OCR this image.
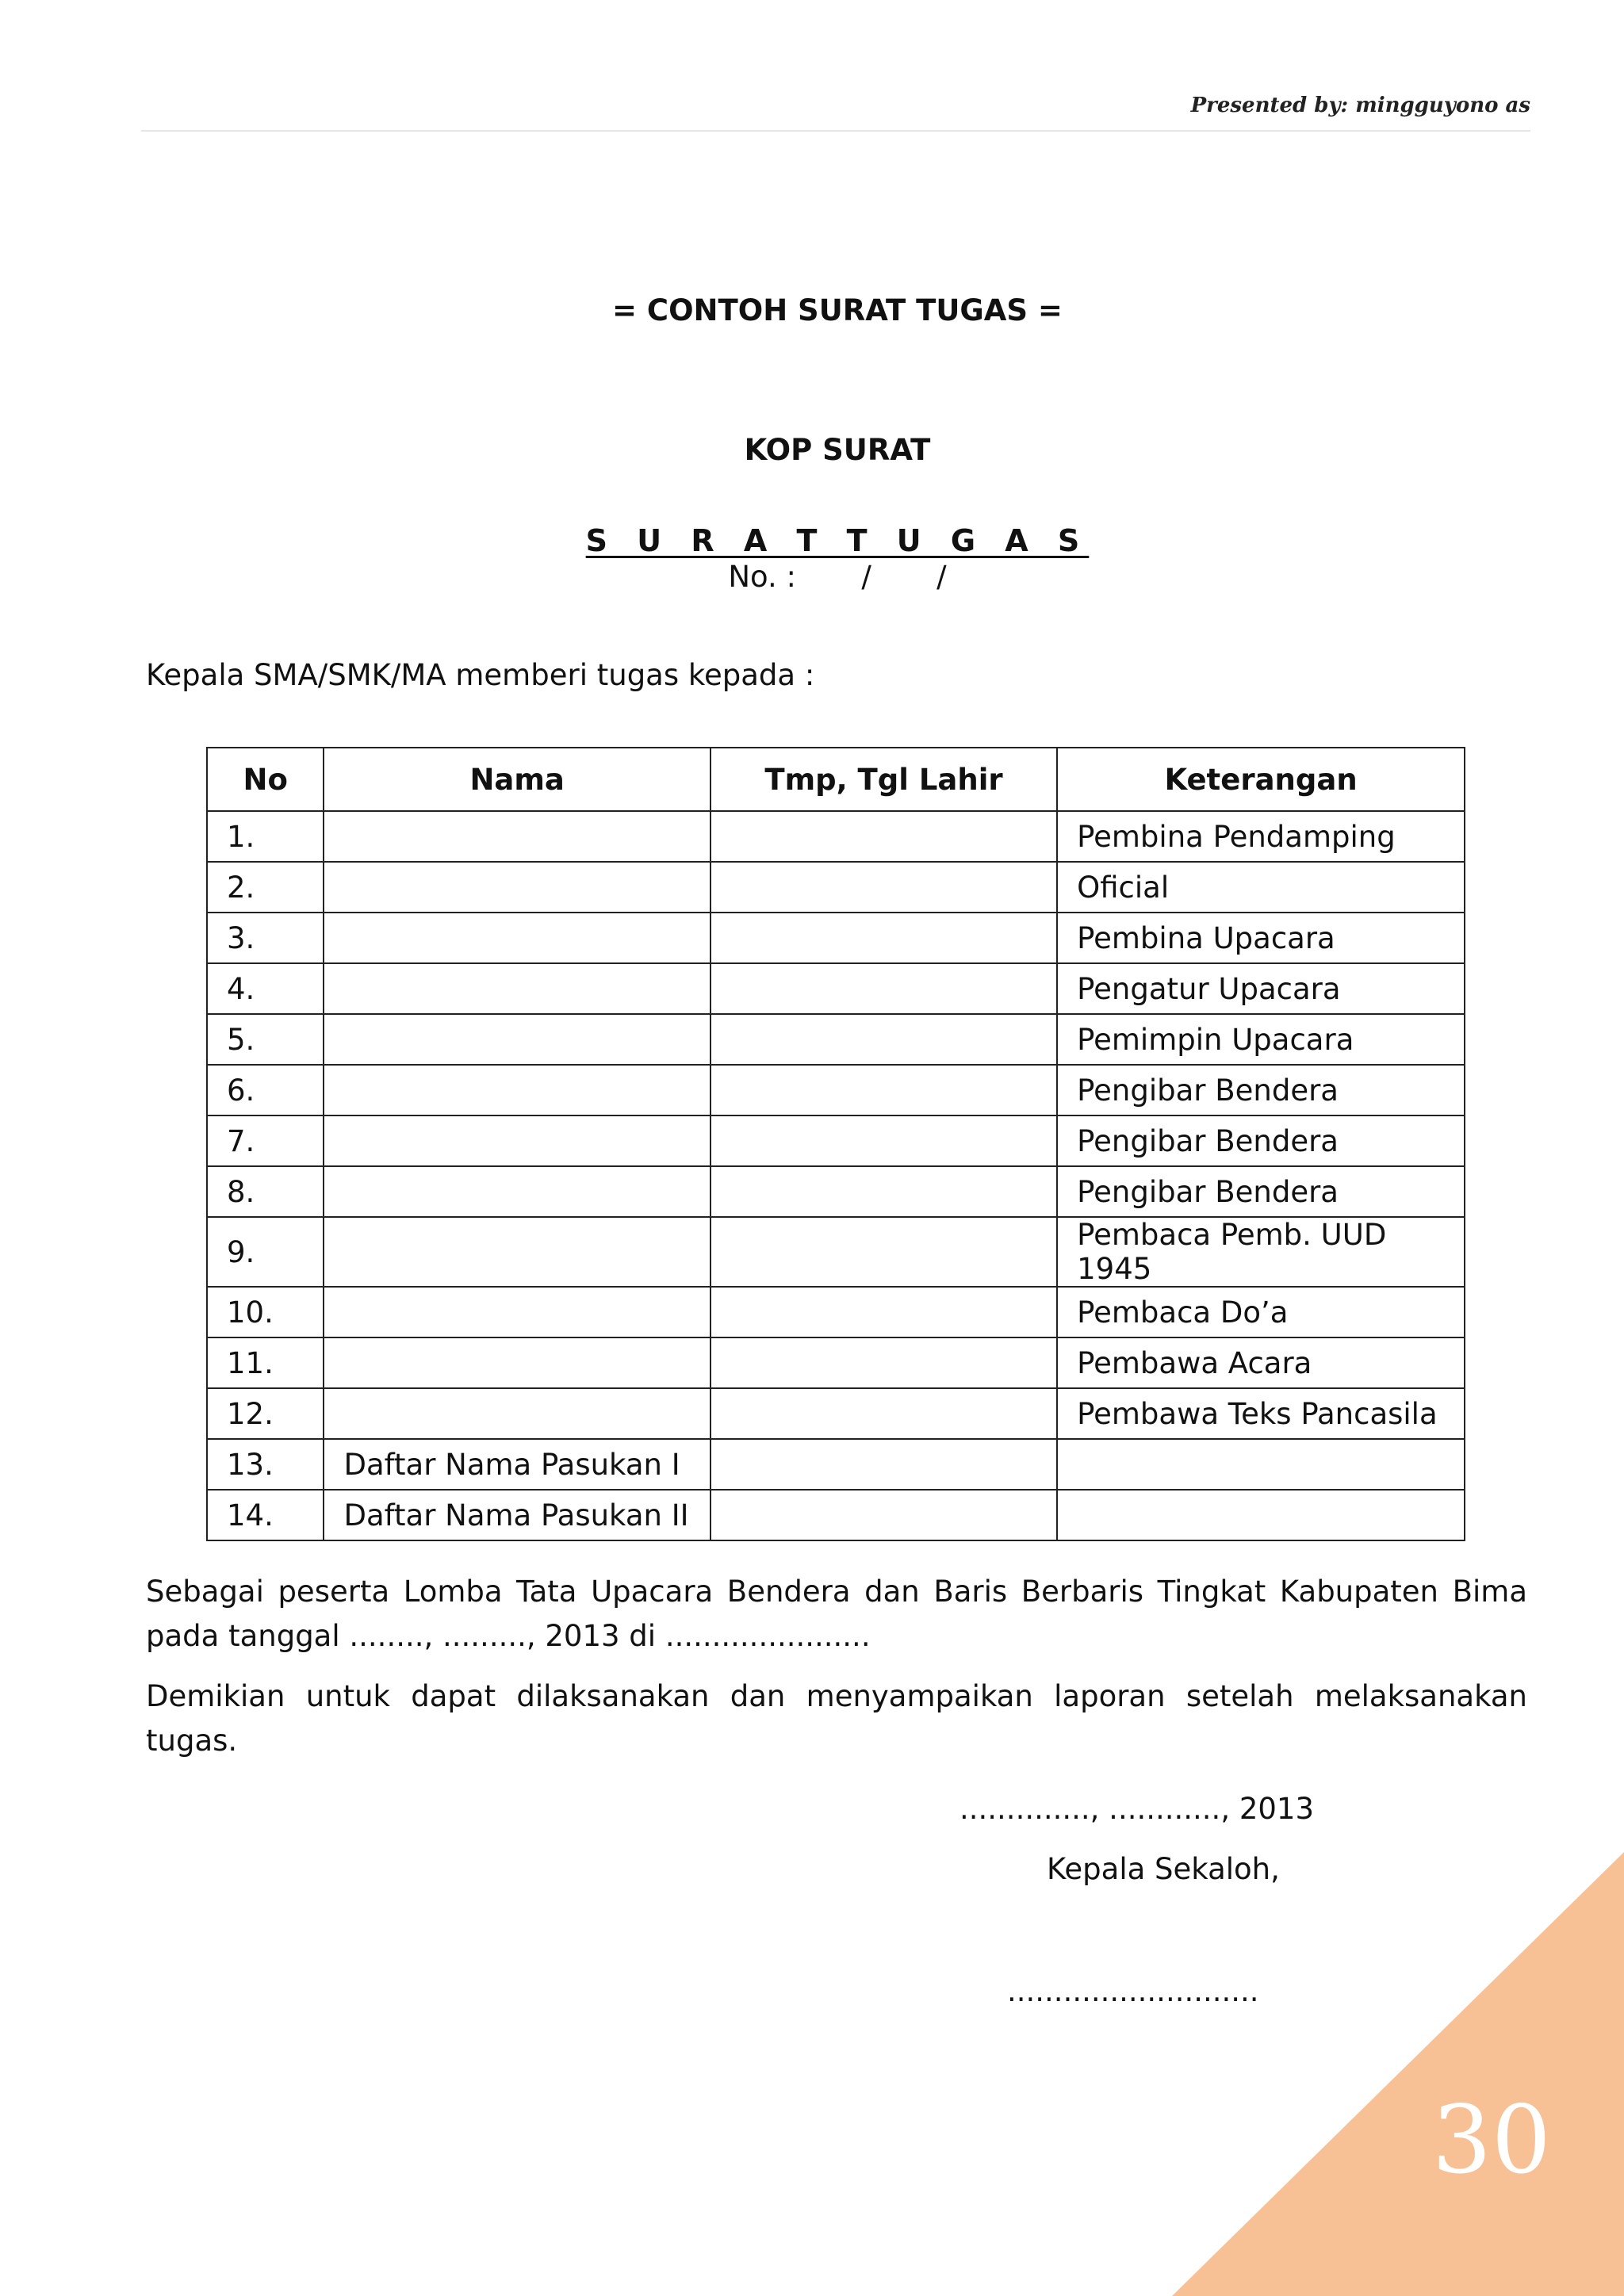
Presented by: mingguyono as
= CONTOH SURAT TUGAS =
KOP SURAT
S U R A T T U G A S
No. :       /       /
Kepala SMA/SMK/MA memberi tugas kepada :
No	Nama	Tmp, Tgl Lahir	Keterangan
1.			Pembina Pendamping
2.			Oficial
3.			Pembina Upacara
4.			Pengatur Upacara
5.			Pemimpin Upacara
6.			Pengibar Bendera
7.			Pengibar Bendera
8.			Pengibar Bendera
9.			Pembaca Pemb. UUD 1945
10.			Pembaca Do’a
11.			Pembawa Acara
12.			Pembawa Teks Pancasila
13.	Daftar Nama Pasukan I		
14.	Daftar Nama Pasukan II		
Sebagai peserta Lomba Tata Upacara Bendera dan Baris Berbaris Tingkat Kabupaten Bima pada tanggal ........, ........., 2013 di ......................
Demikian untuk dapat dilaksanakan dan menyampaikan laporan setelah melaksanakan tugas.
.............., ............, 2013
Kepala Sekaloh,
...........................
30
